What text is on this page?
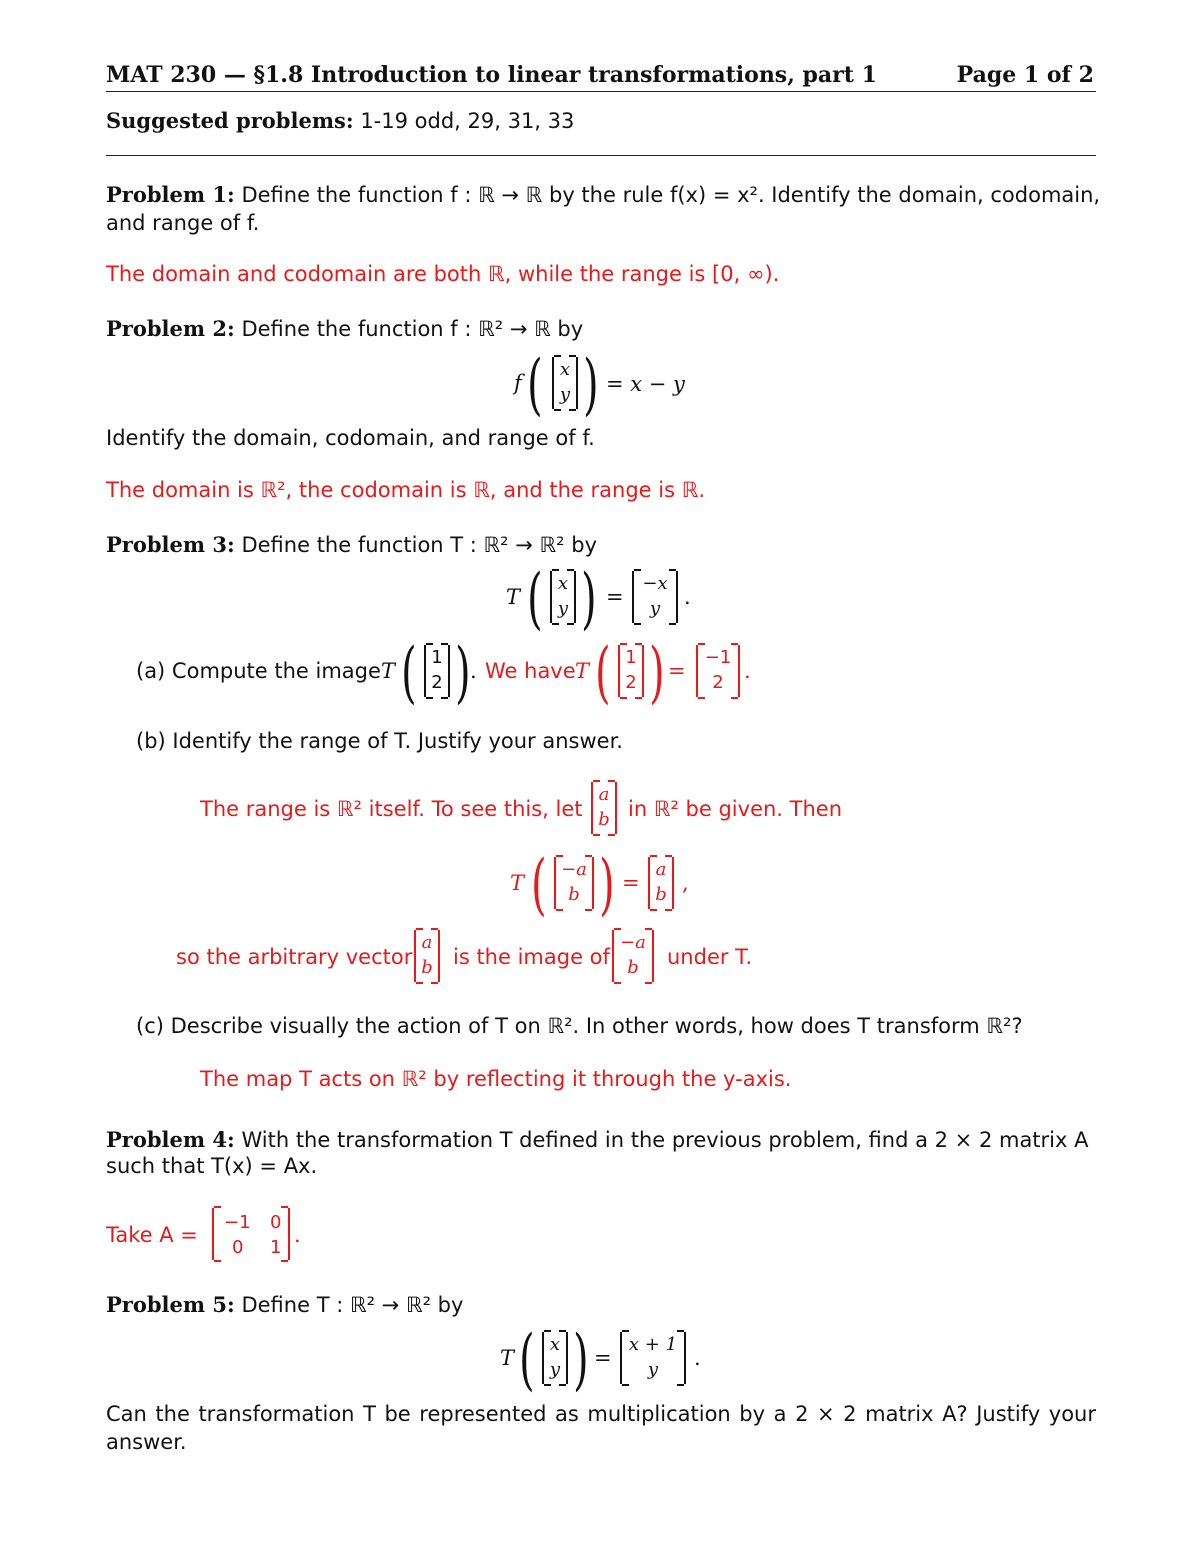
MAT 230 — §1.8 Introduction to linear transformations, part 1	Page 1 of 2
Suggested problems: 1-19 odd, 29, 31, 33
Problem 1: Define the function f : ℝ → ℝ by the rule f(x) = x². Identify the domain, codomain,
and range of f.
The domain and codomain are both ℝ, while the range is [0, ∞).
Problem 2: Define the function f : ℝ² → ℝ by
f ( x
y ) = x − y
Identify the domain, codomain, and range of f.
The domain is ℝ², the codomain is ℝ, and the range is ℝ.
Problem 3: Define the function T : ℝ² → ℝ² by
T ( x
y ) =
−x
y	.
(a) Compute the image T ( 1
2 ) . We have T ( 1
2 ) =
−1
2 .
(b) Identify the range of T. Justify your answer.
The range is ℝ² itself. To see this, let
a
b in ℝ² be given. Then
T ( −a
b ) =
a
b ,
so the arbitrary vector
a
b is the image of
−a
b	under T.
(c) Describe visually the action of T on ℝ². In other words, how does T transform ℝ²?
The map T acts on ℝ² by reflecting it through the y-axis.
Problem 4: With the transformation T defined in the previous problem, find a 2 × 2 matrix A
such that T(x) = Ax.
Take A =
−1 0
0 1
.
Problem 5: Define T : ℝ² → ℝ² by
T ( x
y ) =
x + 1
y	.
Can the transformation T be represented as multiplication by a 2 × 2 matrix A? Justify your
answer.
